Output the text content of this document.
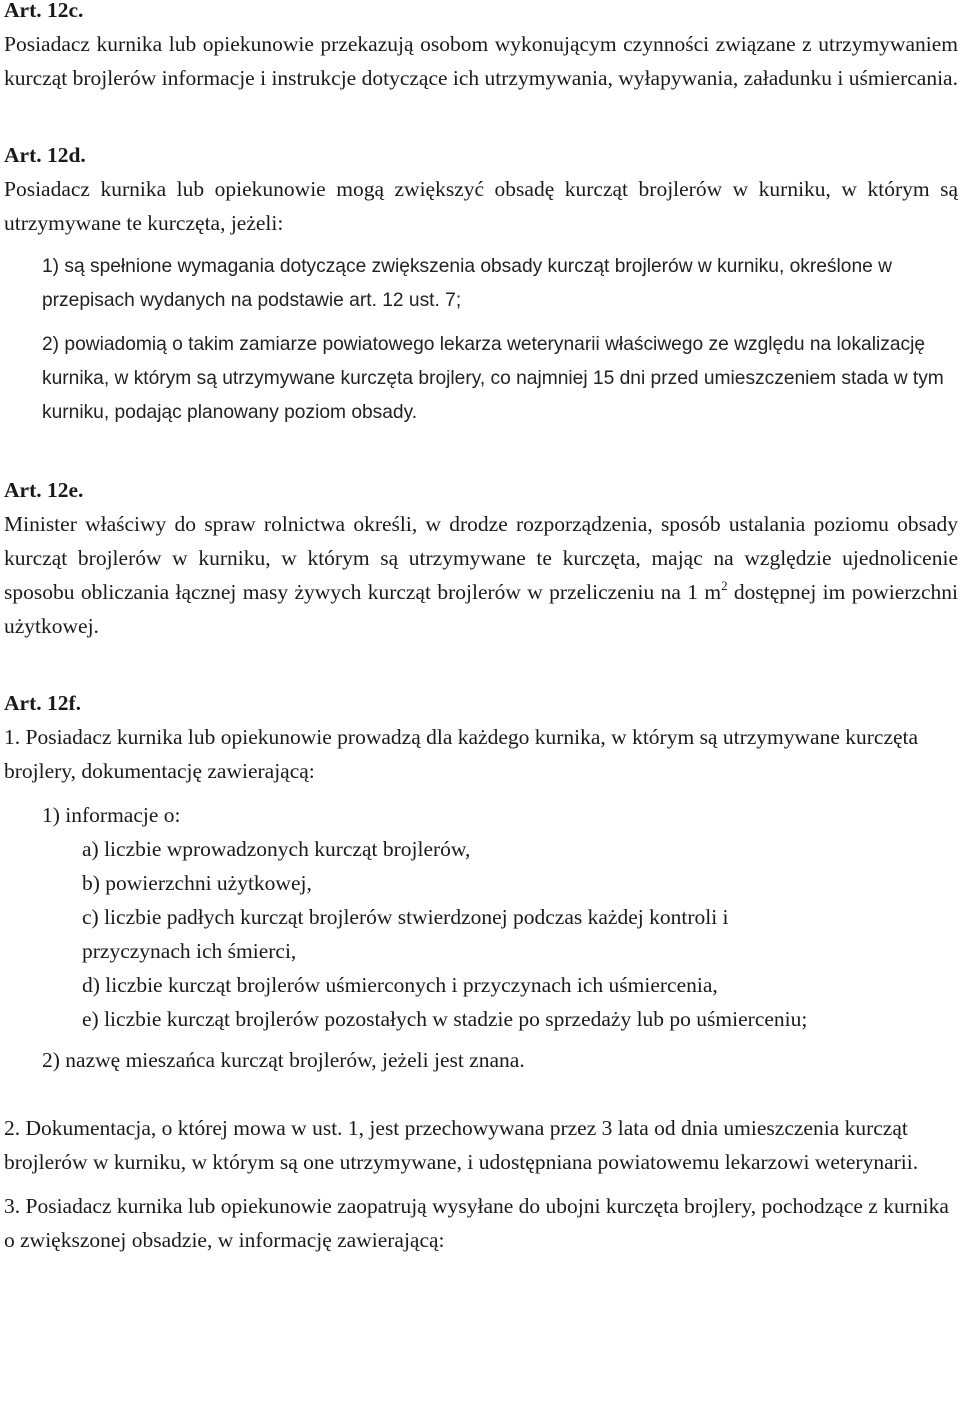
Art. 12c.

Posiadacz kurnika lub opiekunowie przekazują osobom wykonującym czynności związane z utrzymywaniem kurcząt brojlerów informacje i instrukcje dotyczące ich utrzymywania, wyłapywania, załadunku i uśmiercania.

Art. 12d.

Posiadacz kurnika lub opiekunowie mogą zwiększyć obsadę kurcząt brojlerów w kurniku, w którym są utrzymywane te kurczęta, jeżeli:

1) są spełnione wymagania dotyczące zwiększenia obsady kurcząt brojlerów w kurniku, określone w przepisach wydanych na podstawie art. 12 ust. 7;

2) powiadomią o takim zamiarze powiatowego lekarza weterynarii właściwego ze względu na lokalizację kurnika, w którym są utrzymywane kurczęta brojlery, co najmniej 15 dni przed umieszczeniem stada w tym kurniku, podając planowany poziom obsady.

Art. 12e.

Minister właściwy do spraw rolnictwa określi, w drodze rozporządzenia, sposób ustalania poziomu obsady kurcząt brojlerów w kurniku, w którym są utrzymywane te kurczęta, mając na względzie ujednolicenie sposobu obliczania łącznej masy żywych kurcząt brojlerów w przeliczeniu na 1 $m^2$ dostępnej im powierzchni użytkowej.

Art. 12f.

1. Posiadacz kurnika lub opiekunowie prowadzą dla każdego kurnika, w którym są utrzymywane kurczęta brojlery, dokumentację zawierającą:

1) informacje o:

a) liczbie wprowadzonych kurcząt brojlerów,

b) powierzchni użytkowej,

c) liczbie padłych kurcząt brojlerów stwierdzonej podczas każdej kontroli i

przyczynach ich śmierci,

d) liczbie kurcząt brojlerów uśmierconych i przyczynach ich uśmiercenia,

e) liczbie kurcząt brojlerów pozostałych w stadzie po sprzedaży lub po uśmierceniu;

2) nazwę mieszańca kurcząt brojlerów, jeżeli jest znana.

2. Dokumentacja, o której mowa w ust. 1, jest przechowywana przez 3 lata od dnia umieszczenia kurcząt brojlerów w kurniku, w którym są one utrzymywane, i udostępniana powiatowemu lekarzowi weterynarii.

3. Posiadacz kurnika lub opiekunowie zaopatrują wysyłane do ubojni kurczęta brojlery, pochodzące z kurnika o zwiększonej obsadzie, w informację zawierającą:
